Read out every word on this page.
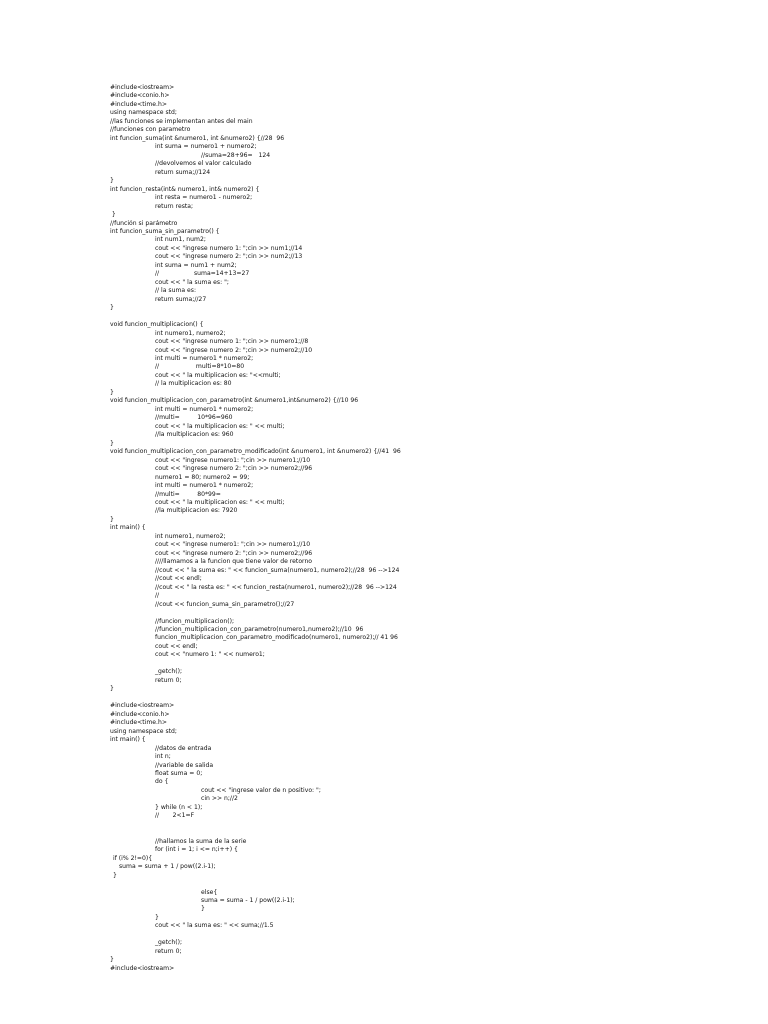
#include<iostream>
#include<conio.h>
#include<time.h>
using namespace std;
//las funciones se implementan antes del main
//funciones con parametro
int funcion_suma(int &numero1, int &numero2) {//28  96
int suma = numero1 + numero2;
//suma=28+96=   124
//devolvemos el valor calculado
return suma;//124
}
int funcion_resta(int& numero1, int& numero2) {
int resta = numero1 - numero2;
return resta;
}
//función si parámetro
int funcion_suma_sin_parametro() {
int num1, num2;
cout << "ingrese numero 1: ";cin >> num1;//14
cout << "ingrese numero 2: ";cin >> num2;//13
int suma = num1 + num2;
//                  suma=14+13=27
cout << " la suma es: ";
// la suma es:
return suma;//27
}
void funcion_multiplicacion() {
int numero1, numero2;
cout << "ingrese numero 1: ";cin >> numero1;//8
cout << "ingrese numero 2: ";cin >> numero2;//10
int multi = numero1 * numero2;
//                   multi=8*10=80
cout << " la multiplicacion es: "<<multi;
// la multiplicacion es: 80
}
void funcion_multiplicacion_con_parametro(int &numero1,int&numero2) {//10 96
int multi = numero1 * numero2;
//multi=         10*96=960
cout << " la multiplicacion es: " << multi;
//la multiplicacion es: 960
}
void funcion_multiplicacion_con_parametro_modificado(int &numero1, int &numero2) {//41  96
cout << "ingrese numero1: ";cin >> numero1;//10
cout << "ingrese numero 2: ";cin >> numero2;//96
numero1 = 80; numero2 = 99;
int multi = numero1 * numero2;
//multi=         80*99=
cout << " la multiplicacion es: " << multi;
//la multiplicacion es: 7920
}
int main() {
int numero1, numero2;
cout << "ingrese numero1: ";cin >> numero1;//10
cout << "ingrese numero 2: ";cin >> numero2;//96
////llamamos a la funcion que tiene valor de retorno
//cout << " la suma es: " << funcion_suma(numero1, numero2);//28  96 -->124
//cout << endl;
//cout << " la resta es: " << funcion_resta(numero1, numero2);//28  96 -->124
//
//cout << funcion_suma_sin_parametro();//27
//funcion_multiplicacion();
//funcion_multiplicacion_con_parametro(numero1,numero2);//10  96
funcion_multiplicacion_con_parametro_modificado(numero1, numero2);// 41 96
cout << endl;
cout << "numero 1: " << numero1;
_getch();
return 0;
}
#include<iostream>
#include<conio.h>
#include<time.h>
using namespace std;
int main() {
//datos de entrada
int n;
//variable de salida
float suma = 0;
do {
cout << "ingrese valor de n positivo: ";
cin >> n;//2
} while (n < 1);
//       2<1=F
//hallamos la suma de la serie
for (int i = 1; i <= n;i++) {
if (i% 2!=0){
suma = suma + 1 / pow((2.i-1);
}
else{
suma = suma - 1 / pow((2.i-1);
}
}
cout << " la suma es: " << suma;//1.5
_getch();
return 0;
}
#include<iostream>
